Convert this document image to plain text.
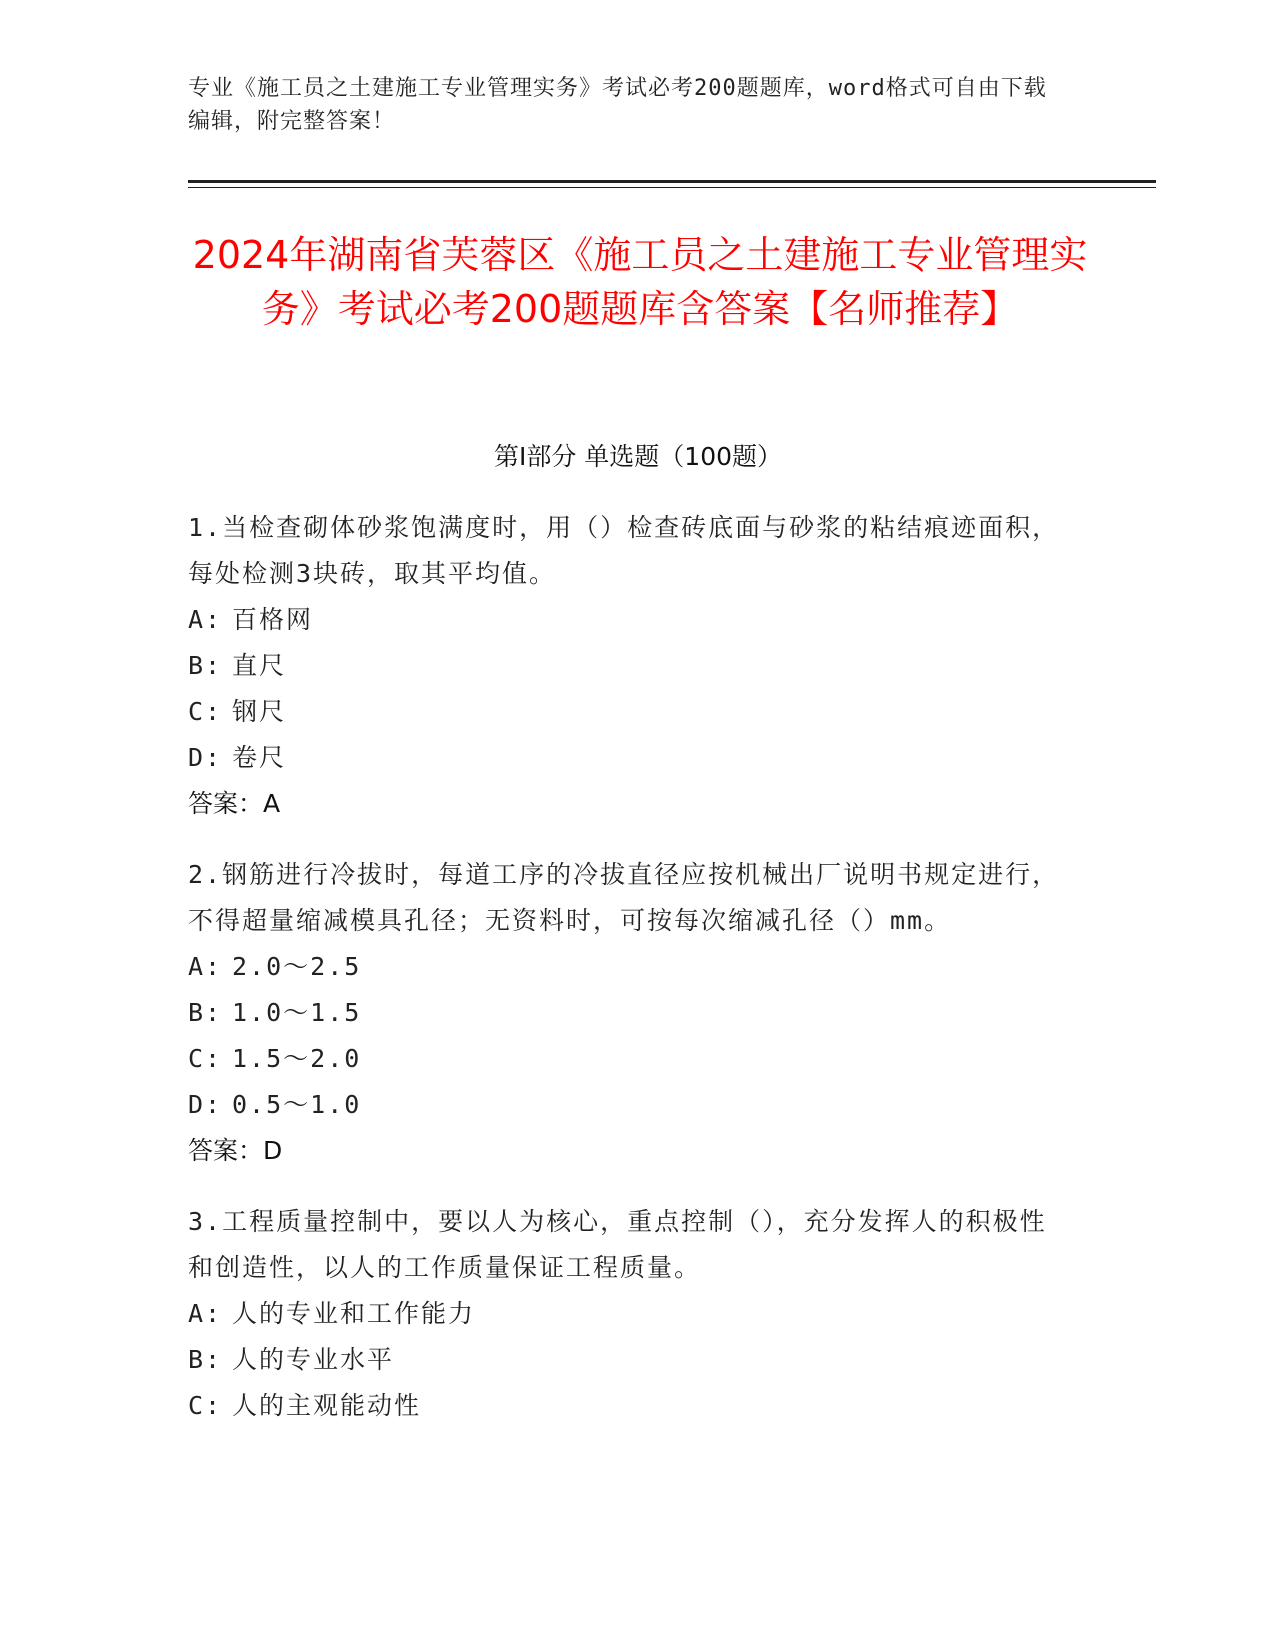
专业《施工员之土建施工专业管理实务》考试必考200题题库，word格式可自由下载编辑，附完整答案！
2024年湖南省芙蓉区《施工员之土建施工专业管理实务》考试必考200题题库含答案【名师推荐】
第Ⅰ部分 单选题（100题）
1.当检查砌体砂浆饱满度时，用（）检查砖底面与砂浆的粘结痕迹面积，每处检测3块砖，取其平均值。
A: 百格网
B: 直尺
C: 钢尺
D: 卷尺
答案：A
2.钢筋进行冷拔时，每道工序的冷拔直径应按机械出厂说明书规定进行，不得超量缩减模具孔径；无资料时，可按每次缩减孔径（）mm。
A: 2.0～2.5
B: 1.0～1.5
C: 1.5～2.0
D: 0.5～1.0
答案：D
3.工程质量控制中，要以人为核心，重点控制（），充分发挥人的积极性和创造性，以人的工作质量保证工程质量。
A: 人的专业和工作能力
B: 人的专业水平
C: 人的主观能动性
